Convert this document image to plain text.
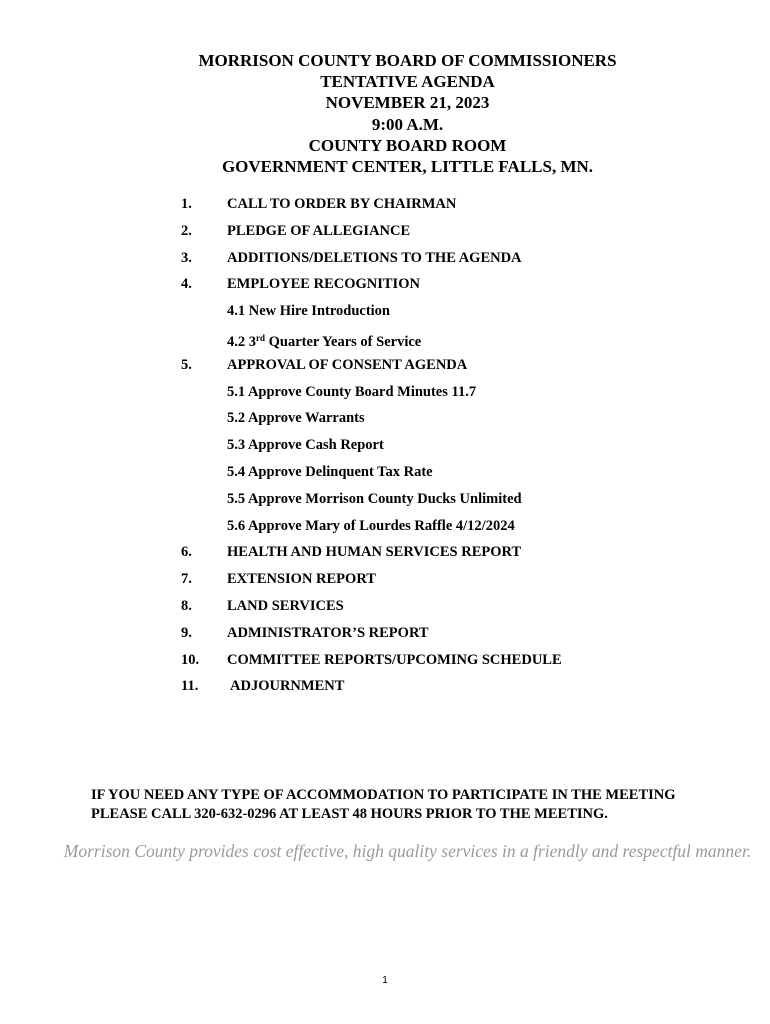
MORRISON COUNTY BOARD OF COMMISSIONERS
TENTATIVE AGENDA
NOVEMBER 21, 2023
9:00 A.M.
COUNTY BOARD ROOM
GOVERNMENT CENTER, LITTLE FALLS, MN.
1. CALL TO ORDER BY CHAIRMAN
2. PLEDGE OF ALLEGIANCE
3. ADDITIONS/DELETIONS TO THE AGENDA
4. EMPLOYEE RECOGNITION
4.1 New Hire Introduction
4.2 3rd Quarter Years of Service
5. APPROVAL OF CONSENT AGENDA
5.1 Approve County Board Minutes 11.7
5.2 Approve Warrants
5.3 Approve Cash Report
5.4 Approve Delinquent Tax Rate
5.5 Approve Morrison County Ducks Unlimited
5.6 Approve Mary of Lourdes Raffle 4/12/2024
6. HEALTH AND HUMAN SERVICES REPORT
7. EXTENSION REPORT
8. LAND SERVICES
9. ADMINISTRATOR’S REPORT
10. COMMITTEE REPORTS/UPCOMING SCHEDULE
11. ADJOURNMENT
IF YOU NEED ANY TYPE OF ACCOMMODATION TO PARTICIPATE IN THE MEETING
PLEASE CALL 320-632-0296 AT LEAST 48 HOURS PRIOR TO THE MEETING.
Morrison County provides cost effective, high quality services in a friendly and respectful manner.
1
